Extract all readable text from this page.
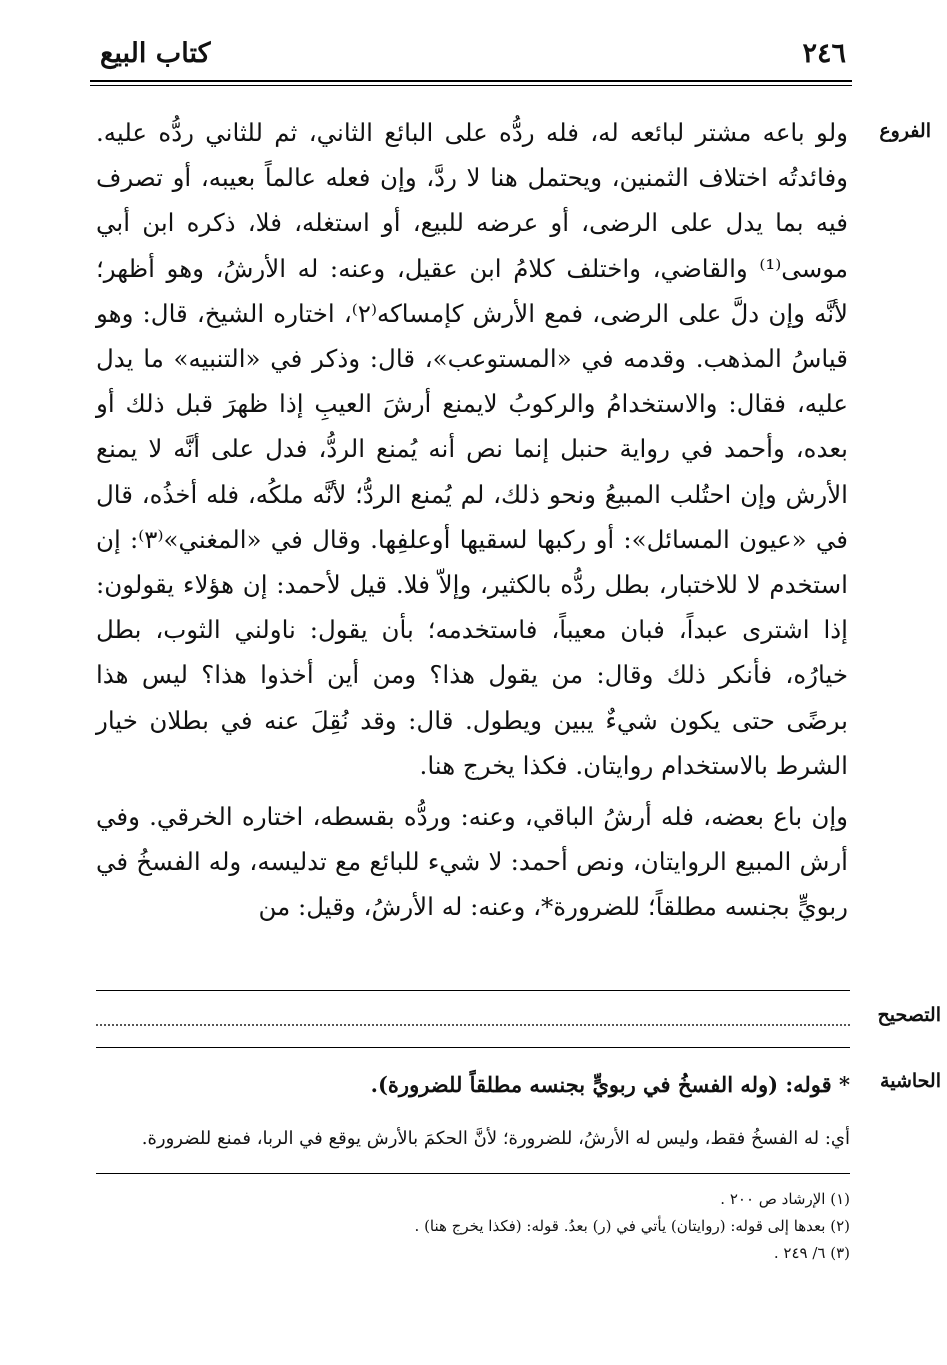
كتاب البيع	٢٤٦
الفروع

ولو باعه مشتر لبائعه له، فله ردُّه على البائع الثاني، ثم للثاني ردُّه عليه. وفائدتُه اختلاف الثمنين، ويحتمل هنا لا ردَّ، وإن فعله عالماً بعيبه، أو تصرف فيه بما يدل على الرضى، أو عرضه للبيع، أو استغله، فلا، ذكره ابن أبي موسى⁽¹⁾ والقاضي، واختلف كلامُ ابن عقيل، وعنه: له الأرشُ، وهو أظهر؛ لأنَّه وإن دلَّ على الرضى، فمع الأرش كإمساكه⁽٢⁾، اختاره الشيخ، قال: وهو قياسُ المذهب. وقدمه في «المستوعب»، قال: وذكر في «التنبيه» ما يدل عليه، فقال: والاستخدامُ والركوبُ لايمنع أرشَ العيبِ إذا ظهرَ قبل ذلك أو بعده، وأحمد في رواية حنبل إنما نص أنه يُمنع الردُّ، فدل على أنَّه لا يمنع الأرش وإن احتُلب المبيعُ ونحو ذلك، لم يُمنع الردُّ؛ لأنَّه ملكُه، فله أخذُه، قال في «عيون المسائل»: أو ركبها لسقيها أوعلفِها. وقال في «المغني»⁽٣⁾: إن استخدم لا للاختبار، بطل ردُّه بالكثير، وإلاّ فلا. قيل لأحمد: إن هؤلاء يقولون: إذا اشترى عبداً، فبان معيباً، فاستخدمه؛ بأن يقول: ناولني الثوب، بطل خيارُه، فأنكر ذلك وقال: من يقول هذا؟ ومن أين أخذوا هذا؟ ليس هذا برضًى حتى يكون شيءٌ يبين ويطول. قال: وقد نُقِلَ عنه في بطلان خيار الشرط بالاستخدام روايتان. فكذا يخرج هنا.

وإن باع بعضه، فله أرشُ الباقي، وعنه: وردُّه بقسطه، اختاره الخرقي. وفي أرش المبيع الروايتان، ونص أحمد: لا شيء للبائع مع تدليسه، وله الفسخُ في ربويٍّ بجنسه مطلقاً؛ للضرورة*، وعنه: له الأرشُ، وقيل: من

التصحيح
الحاشية
* قوله: (وله الفسخُ في ربويٍّ بجنسه مطلقاً للضرورة).
أي: له الفسخُ فقط، وليس له الأرشُ، للضرورة؛ لأنَّ الحكمَ بالأرش يوقع في الربا، فمنع للضرورة.
(١) الإرشاد ص ٢٠٠ .
(٢) بعدها إلى قوله: (روايتان) يأتي في (ر) بعدُ. قوله: (فكذا يخرج هنا) .
(٣) ٦/ ٢٤٩ .
